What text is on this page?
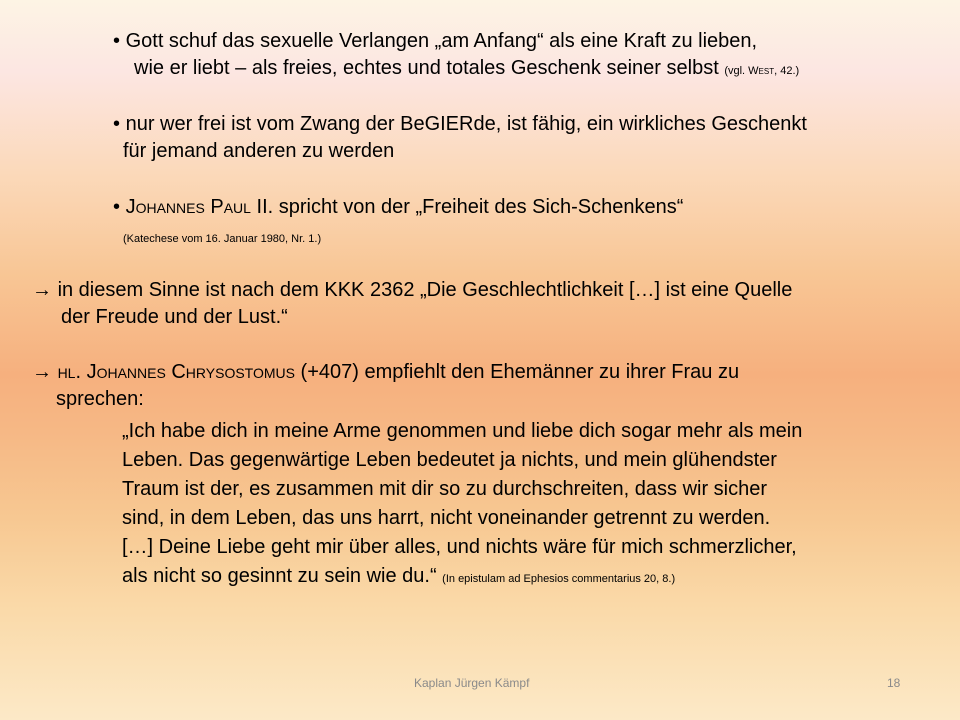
• Gott schuf das sexuelle Verlangen „am Anfang“ als eine Kraft zu lieben,
wie er liebt – als freies, echtes und totales Geschenk seiner selbst (vgl. West, 42.)
• nur wer frei ist vom Zwang der BeGIERde, ist fähig, ein wirkliches Geschenkt
für jemand anderen zu werden
• Johannes Paul II. spricht von der „Freiheit des Sich-Schenkens“
(Katechese vom 16. Januar 1980, Nr. 1.)
→ in diesem Sinne ist nach dem KKK 2362 „Die Geschlechtlichkeit […] ist eine Quelle
der Freude und der Lust.“
→ hl. Johannes Chrysostomus (+407) empfiehlt den Ehemänner zu ihrer Frau zu
sprechen:
„Ich habe dich in meine Arme genommen und liebe dich sogar mehr als mein
Leben. Das gegenwärtige Leben bedeutet ja nichts, und mein glühendster
Traum ist der, es zusammen mit dir so zu durchschreiten, dass wir sicher
sind, in dem Leben, das uns harrt, nicht voneinander getrennt zu werden.
[…] Deine Liebe geht mir über alles, und nichts wäre für mich schmerzlicher,
als nicht so gesinnt zu sein wie du.“ (In epistulam ad Ephesios commentarius 20, 8.)
Kaplan Jürgen Kämpf	18
